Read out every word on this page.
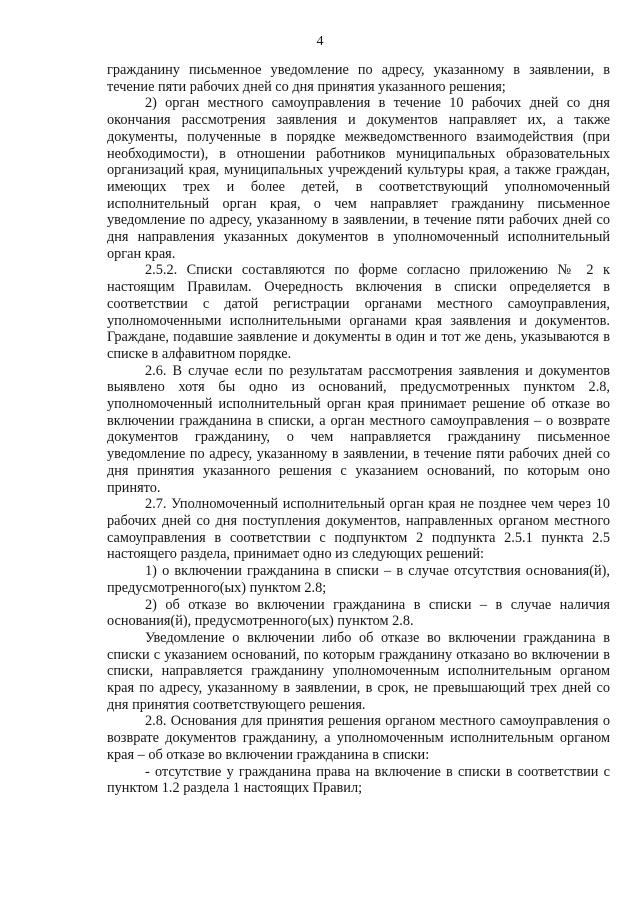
4

гражданину письменное уведомление по адресу, указанному в заявлении, в течение пяти рабочих дней со дня принятия указанного решения;

2) орган местного самоуправления в течение 10 рабочих дней со дня окончания рассмотрения заявления и документов направляет их, а также документы, полученные в порядке межведомственного взаимодействия (при необходимости), в отношении работников муниципальных образовательных организаций края, муниципальных учреждений культуры края, а также граждан, имеющих трех и более детей, в соответствующий уполномоченный исполнительный орган края, о чем направляет гражданину письменное уведомление по адресу, указанному в заявлении, в течение пяти рабочих дней со дня направления указанных документов в уполномоченный исполнительный орган края.

2.5.2. Списки составляются по форме согласно приложению № 2 к настоящим Правилам. Очередность включения в списки определяется в соответствии с датой регистрации органами местного самоуправления, уполномоченными исполнительными органами края заявления и документов. Граждане, подавшие заявление и документы в один и тот же день, указываются в списке в алфавитном порядке.

2.6. В случае если по результатам рассмотрения заявления и документов выявлено хотя бы одно из оснований, предусмотренных пунктом 2.8, уполномоченный исполнительный орган края принимает решение об отказе во включении гражданина в списки, а орган местного самоуправления – о возврате документов гражданину, о чем направляется гражданину письменное уведомление по адресу, указанному в заявлении, в течение пяти рабочих дней со дня принятия указанного решения с указанием оснований, по которым оно принято.

2.7. Уполномоченный исполнительный орган края не позднее чем через 10 рабочих дней со дня поступления документов, направленных органом местного самоуправления в соответствии с подпунктом 2 подпункта 2.5.1 пункта 2.5 настоящего раздела, принимает одно из следующих решений:

1) о включении гражданина в списки – в случае отсутствия основания(й), предусмотренного(ых) пунктом 2.8;

2) об отказе во включении гражданина в списки – в случае наличия основания(й), предусмотренного(ых) пунктом 2.8.

Уведомление о включении либо об отказе во включении гражданина в списки с указанием оснований, по которым гражданину отказано во включении в списки, направляется гражданину уполномоченным исполнительным органом края по адресу, указанному в заявлении, в срок, не превышающий трех дней со дня принятия соответствующего решения.

2.8. Основания для принятия решения органом местного самоуправления о возврате документов гражданину, а уполномоченным исполнительным органом края – об отказе во включении гражданина в списки:

- отсутствие у гражданина права на включение в списки в соответствии с пунктом 1.2 раздела 1 настоящих Правил;
